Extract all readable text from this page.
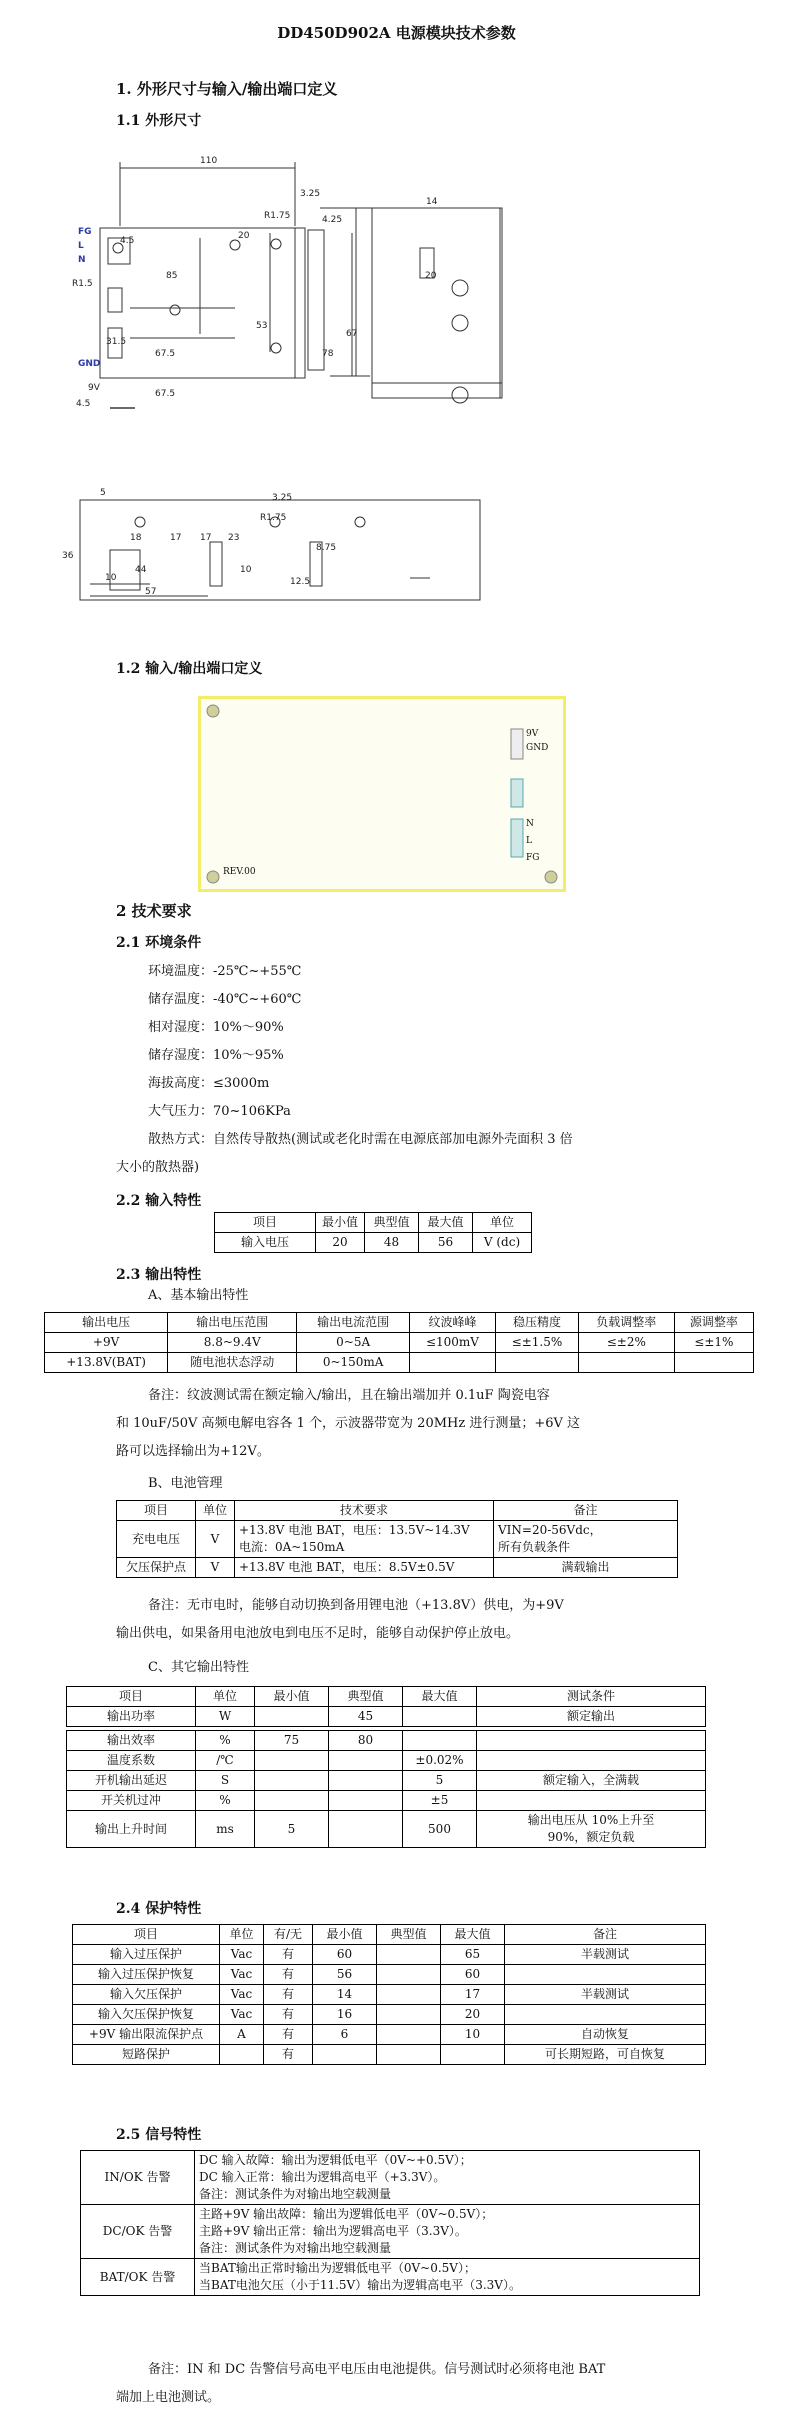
DD450D902A 电源模块技术参数
1. 外形尺寸与输入/输出端口定义
1.1 外形尺寸
110
R1.5
4.5	20
85
31.5
67.5
67.5
53
4.5
9V
3.25
R1.75	4.25
78
14
67
20
FG
L
N
GND
5
10
18
44
57
17 17 23
10
3.25
R1.75
8.75
12.5
36
1.2 输入/输出端口定义
9V
GND
N
L
FG
REV.00
2 技术要求
2.1 环境条件
环境温度：-25℃~+55℃
储存温度：-40℃~+60℃
相对湿度：10%～90%
储存湿度：10%～95%
海拔高度：≤3000m
大气压力：70~106KPa
散热方式：自然传导散热(测试或老化时需在电源底部加电源外壳面积 3 倍
大小的散热器)
2.2 输入特性
项目	最小值	典型值	最大值	单位
输入电压	20	48	56	V (dc)
2.3 输出特性
A、基本输出特性
输出电压	输出电压范围	输出电流范围	纹波峰峰	稳压精度	负载调整率	源调整率
+9V	8.8~9.4V	0~5A	≤100mV	≤±1.5%	≤±2%	≤±1%
+13.8V(BAT)	随电池状态浮动	0~150mA				
备注：纹波测试需在额定输入/输出，且在输出端加并 0.1uF 陶瓷电容
和 10uF/50V 高频电解电容各 1 个，示波器带宽为 20MHz 进行测量；+6V 这
路可以选择输出为+12V。
B、电池管理
项目	单位	技术要求	备注
充电电压	V	+13.8V 电池 BAT，电压：13.5V~14.3V
电流：0A~150mA	VIN=20-56Vdc，
所有负载条件
欠压保护点	V	+13.8V 电池 BAT，电压：8.5V±0.5V	满载输出
备注：无市电时，能够自动切换到备用锂电池（+13.8V）供电，为+9V
输出供电，如果备用电池放电到电压不足时，能够自动保护停止放电。
C、其它输出特性
项目	单位	最小值	典型值	最大值	测试条件
输出功率	W		45		额定输出
输出效率	%	75	80		
温度系数	/℃			±0.02%	
开机输出延迟	S			5	额定输入，全满载
开关机过冲	%			±5	
输出上升时间	ms	5		500	输出电压从 10%上升至
90%，额定负载
2.4 保护特性
项目	单位	有/无	最小值	典型值	最大值	备注
输入过压保护	Vac	有	60		65	半载测试
输入过压保护恢复	Vac	有	56		60	
输入欠压保护	Vac	有	14		17	半载测试
输入欠压保护恢复	Vac	有	16		20	
+9V 输出限流保护点	A	有	6		10	自动恢复
短路保护		有				可长期短路，可自恢复
2.5 信号特性
IN/OK 告警	DC 输入故障：输出为逻辑低电平（0V~+0.5V）；
DC 输入正常：输出为逻辑高电平（+3.3V）。
备注：测试条件为对输出地空载测量
DC/OK 告警	主路+9V 输出故障：输出为逻辑低电平（0V~0.5V）；
主路+9V 输出正常：输出为逻辑高电平（3.3V）。
备注：测试条件为对输出地空载测量
BAT/OK 告警	当BAT输出正常时输出为逻辑低电平（0V~0.5V）；
当BAT电池欠压（小于11.5V）输出为逻辑高电平（3.3V）。
备注：IN 和 DC 告警信号高电平电压由电池提供。信号测试时必须将电池 BAT
端加上电池测试。
